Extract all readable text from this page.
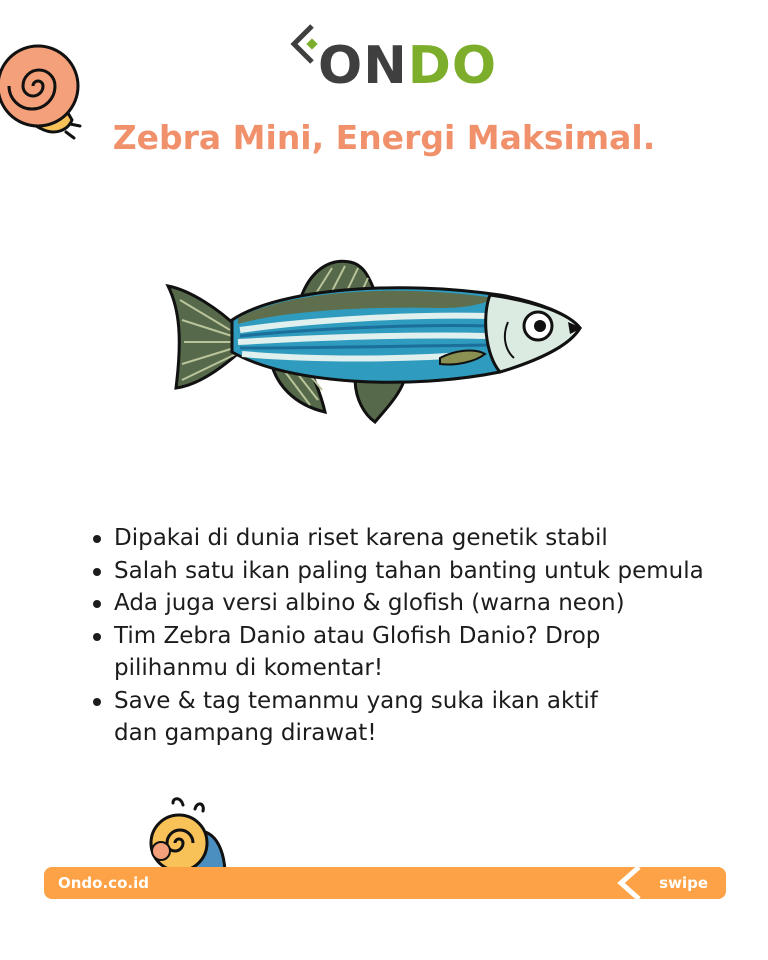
ONDO
Zebra Mini, Energi Maksimal.
Dipakai di dunia riset karena genetik stabil
Salah satu ikan paling tahan banting untuk pemula
Ada juga versi albino & glofish (warna neon)
Tim Zebra Danio atau Glofish Danio? Drop pilihanmu di komentar!
Save & tag temanmu yang suka ikan aktif dan gampang dirawat!
Ondo.co.id	swipe
